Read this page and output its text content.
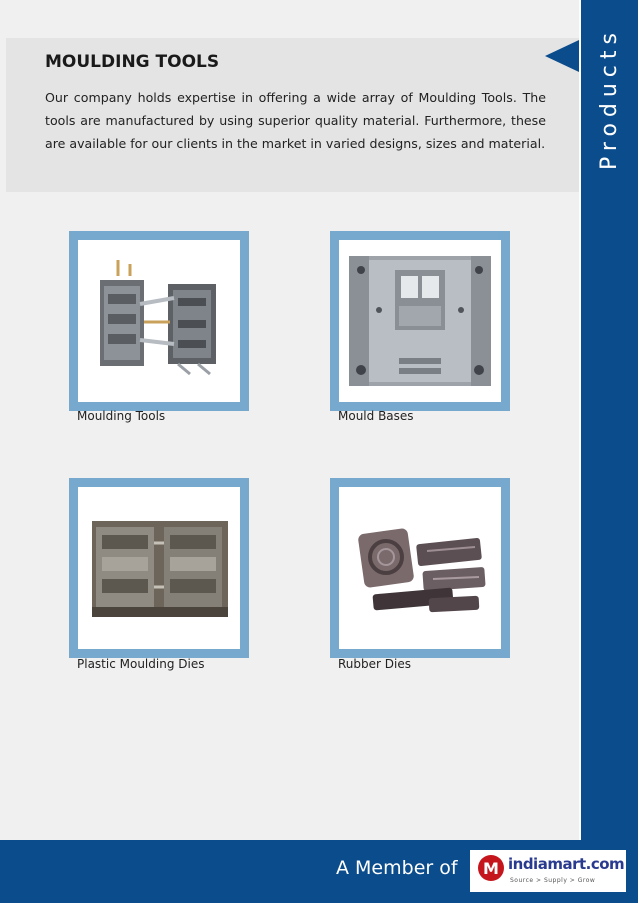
Products
MOULDING TOOLS
Our company holds expertise in offering a wide array of Moulding Tools. The tools are manufactured by using superior quality material. Furthermore, these are available for our clients in the market in varied designs, sizes and material.
Moulding Tools	Mould Bases
Plastic Moulding Dies	Rubber Dies
A Member of	M indiamart.com
Source > Supply > Grow
